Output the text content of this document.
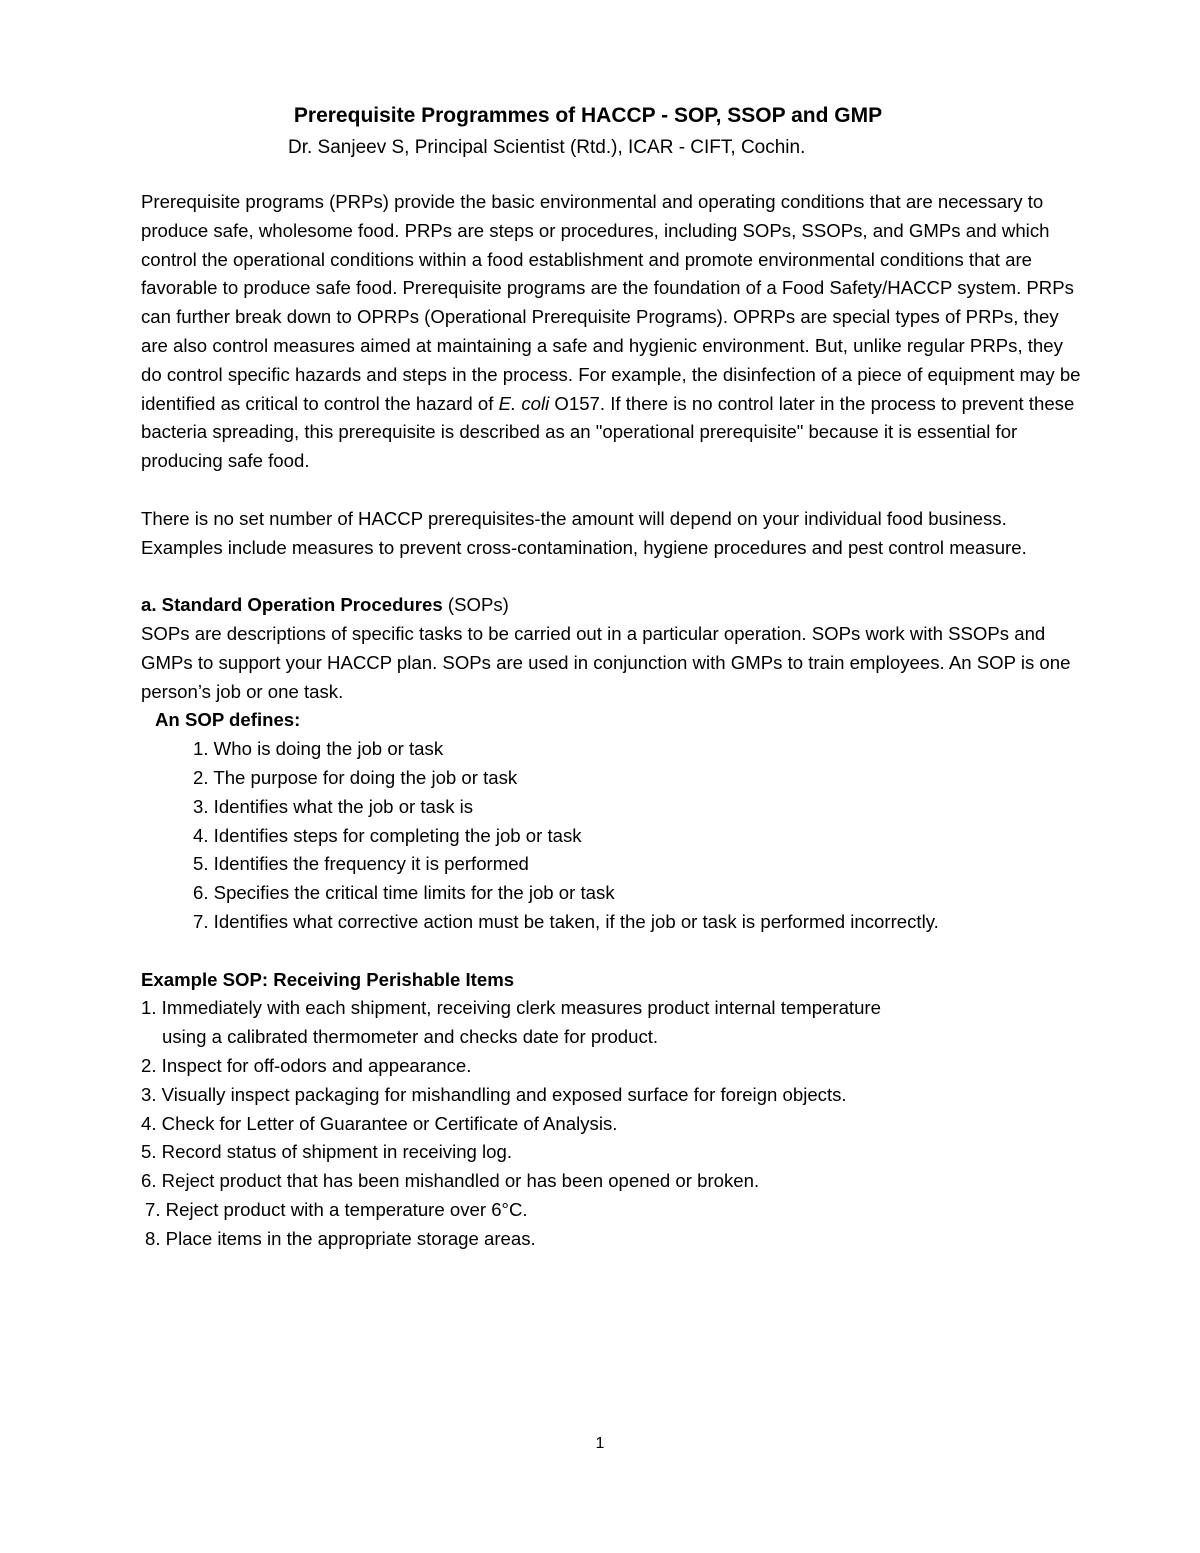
Prerequisite Programmes of HACCP - SOP, SSOP and GMP
Dr. Sanjeev S, Principal Scientist (Rtd.), ICAR - CIFT, Cochin.

Prerequisite programs (PRPs) provide the basic environmental and operating conditions that are necessary to produce safe, wholesome food. PRPs are steps or procedures, including SOPs, SSOPs, and GMPs and which control the operational conditions within a food establishment and promote environmental conditions that are favorable to produce safe food. Prerequisite programs are the foundation of a Food Safety/HACCP system. PRPs can further break down to OPRPs (Operational Prerequisite Programs). OPRPs are special types of PRPs, they are also control measures aimed at maintaining a safe and hygienic environment. But, unlike regular PRPs, they do control specific hazards and steps in the process. For example, the disinfection of a piece of equipment may be identified as critical to control the hazard of E. coli O157. If there is no control later in the process to prevent these bacteria spreading, this prerequisite is described as an "operational prerequisite" because it is essential for producing safe food.

There is no set number of HACCP prerequisites-the amount will depend on your individual food business. Examples include measures to prevent cross-contamination, hygiene procedures and pest control measure.

a. Standard Operation Procedures (SOPs)

SOPs are descriptions of specific tasks to be carried out in a particular operation. SOPs work with SSOPs and GMPs to support your HACCP plan. SOPs are used in conjunction with GMPs to train employees. An SOP is one person’s job or one task.

An SOP defines:

1. Who is doing the job or task
2. The purpose for doing the job or task
3. Identifies what the job or task is
4. Identifies steps for completing the job or task
5. Identifies the frequency it is performed
6. Specifies the critical time limits for the job or task
7. Identifies what corrective action must be taken, if the job or task is performed incorrectly.

Example SOP: Receiving Perishable Items

1. Immediately with each shipment, receiving clerk measures product internal temperature
using a calibrated thermometer and checks date for product.
2. Inspect for off-odors and appearance.
3. Visually inspect packaging for mishandling and exposed surface for foreign objects.
4. Check for Letter of Guarantee or Certificate of Analysis.
5. Record status of shipment in receiving log.
6. Reject product that has been mishandled or has been opened or broken.
7. Reject product with a temperature over 6°C.
8. Place items in the appropriate storage areas.
1
